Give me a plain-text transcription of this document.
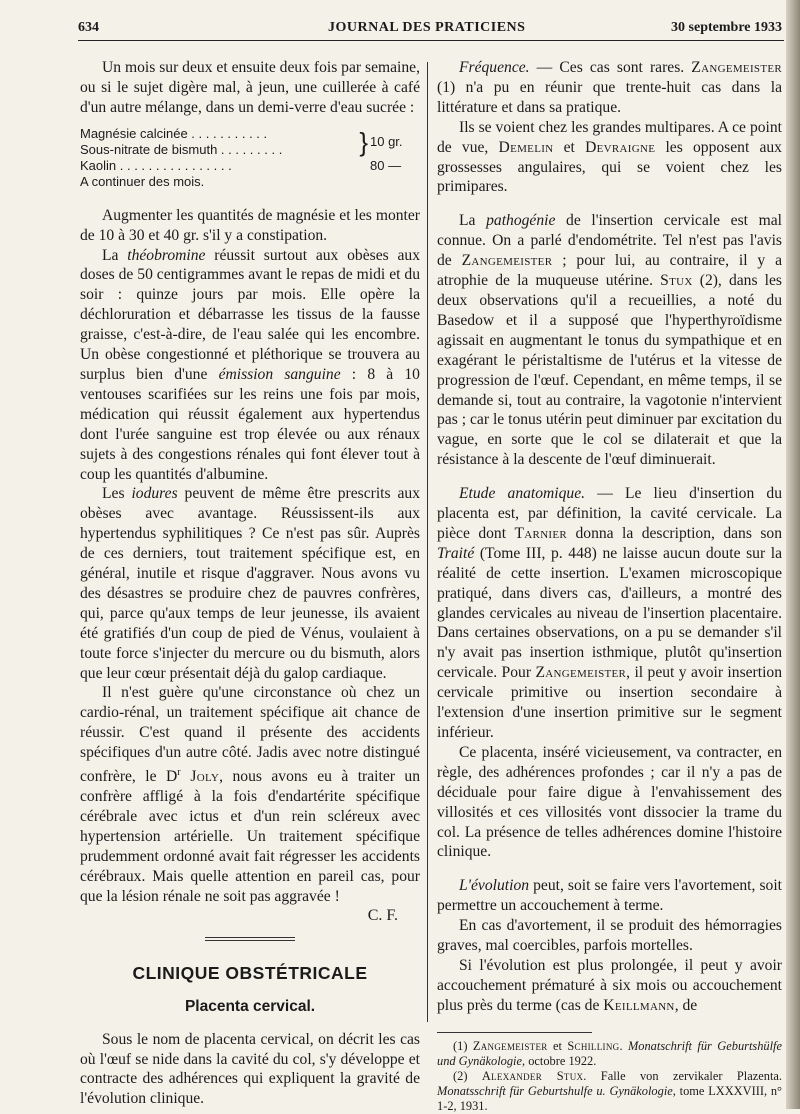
634	JOURNAL DES PRATICIENS	30 septembre 1933

Un mois sur deux et ensuite deux fois par semaine, ou si le sujet digère mal, à jeun, une cuillerée à café d'un autre mélange, dans un demi-verre d'eau sucrée :

Magnésie calcinée . . . . . . . . . . .
Sous-nitrate de bismuth . . . . . . . . .	} 10 gr.
Kaolin . . . . . . . . . . . . . . . .	80 —
A continuer des mois.

Augmenter les quantités de magnésie et les monter de 10 à 30 et 40 gr. s'il y a constipation.

La théobromine réussit surtout aux obèses aux doses de 50 centigrammes avant le repas de midi et du soir : quinze jours par mois. Elle opère la déchloruration et débarrasse les tissus de la fausse graisse, c'est-à-dire, de l'eau salée qui les encombre. Un obèse congestionné et pléthorique se trouvera au surplus bien d'une émission sanguine : 8 à 10 ventouses scarifiées sur les reins une fois par mois, médication qui réussit également aux hypertendus dont l'urée sanguine est trop élevée ou aux rénaux sujets à des congestions rénales qui font élever tout à coup les quantités d'albumine.

Les iodures peuvent de même être prescrits aux obèses avec avantage. Réussissent-ils aux hypertendus syphilitiques ? Ce n'est pas sûr. Auprès de ces derniers, tout traitement spécifique est, en général, inutile et risque d'aggraver. Nous avons vu des désastres se produire chez de pauvres confrères, qui, parce qu'aux temps de leur jeunesse, ils avaient été gratifiés d'un coup de pied de Vénus, voulaient à toute force s'injecter du mercure ou du bismuth, alors que leur cœur présentait déjà du galop cardiaque.

Il n'est guère qu'une circonstance où chez un cardio-rénal, un traitement spécifique ait chance de réussir. C'est quand il présente des accidents spécifiques d'un autre côté. Jadis avec notre distingué confrère, le $D^r$ Joly, nous avons eu à traiter un confrère affligé à la fois d'endartérite spécifique cérébrale avec ictus et d'un rein scléreux avec hypertension artérielle. Un traitement spécifique prudemment ordonné avait fait régresser les accidents cérébraux. Mais quelle attention en pareil cas, pour que la lésion rénale ne soit pas aggravée !

C. F.
CLINIQUE OBSTÉTRICALE
Placenta cervical.

Sous le nom de placenta cervical, on décrit les cas où l'œuf se nide dans la cavité du col, s'y développe et contracte des adhérences qui expliquent la gravité de l'évolution clinique.

Fréquence. — Ces cas sont rares. Zangemeister (1) n'a pu en réunir que trente-huit cas dans la littérature et dans sa pratique.

Ils se voient chez les grandes multipares. A ce point de vue, Demelin et Devraigne les opposent aux grossesses angulaires, qui se voient chez les primipares.

La pathogénie de l'insertion cervicale est mal connue. On a parlé d'endométrite. Tel n'est pas l'avis de Zangemeister ; pour lui, au contraire, il y a atrophie de la muqueuse utérine. Stux (2), dans les deux observations qu'il a recueillies, a noté du Basedow et il a supposé que l'hyperthyroïdisme agissait en augmentant le tonus du sympathique et en exagérant le péristaltisme de l'utérus et la vitesse de progression de l'œuf. Cependant, en même temps, il se demande si, tout au contraire, la vagotonie n'intervient pas ; car le tonus utérin peut diminuer par excitation du vague, en sorte que le col se dilaterait et que la résistance à la descente de l'œuf diminuerait.

Etude anatomique. — Le lieu d'insertion du placenta est, par définition, la cavité cervicale. La pièce dont Tarnier donna la description, dans son Traité (Tome III, p. 448) ne laisse aucun doute sur la réalité de cette insertion. L'examen microscopique pratiqué, dans divers cas, d'ailleurs, a montré des glandes cervicales au niveau de l'insertion placentaire. Dans certaines observations, on a pu se demander s'il n'y avait pas insertion isthmique, plutôt qu'insertion cervicale. Pour Zangemeister, il peut y avoir insertion cervicale primitive ou insertion secondaire à l'extension d'une insertion primitive sur le segment inférieur.

Ce placenta, inséré vicieusement, va contracter, en règle, des adhérences profondes ; car il n'y a pas de déciduale pour faire digue à l'envahissement des villosités et ces villosités vont dissocier la trame du col. La présence de telles adhérences domine l'histoire clinique.

L'évolution peut, soit se faire vers l'avortement, soit permettre un accouchement à terme.

En cas d'avortement, il se produit des hémorragies graves, mal coercibles, parfois mortelles.

Si l'évolution est plus prolongée, il peut y avoir accouchement prématuré à six mois ou accouchement plus près du terme (cas de Keillmann, de

(1) Zangemeister et Schilling. Monatschrift für Geburtshülfe und Gynäkologie, octobre 1922.
(2) Alexander Stux. Falle von zervikaler Plazenta. Monatsschrift für Geburtshulfe u. Gynäkologie, tome LXXXVIII, n° 1-2, 1931.
